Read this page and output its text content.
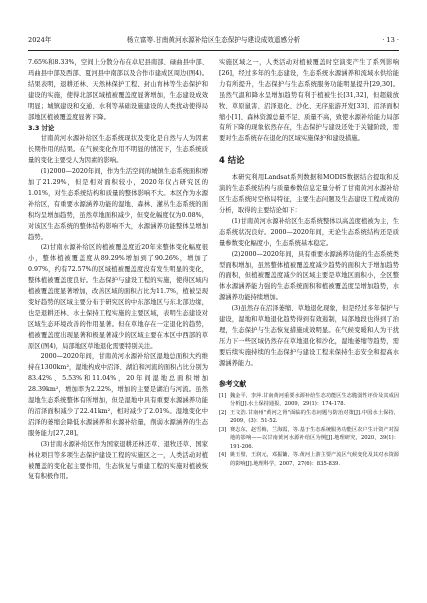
2024年	杨立富等.甘南黄河水源补给区生态保护与建设成效遥感分析	· 13 ·

7.65%和8.33%，空间上分散分布在卓尼县南部、碌曲县中部、玛曲县中部及西部、夏河县中南部以及合作市建成区周边(图4)。结果表明，退耕还林、天然林保护工程、封山育林等生态保护和建设的实施，使得北部区域植被覆盖度显著增加，生态建设成效明显；城镇建设和交通、水利等基础设施建设的人类扰动使得局部地区植被覆盖度显著下降。

3.3 讨论

甘南黄河水源补给区生态系统现状及变化是自然与人为因素长期作用的结果。在气候变化作用不明显的情况下，生态系统质量的变化主要受人为因素的影响。

(1)2000—2020年间，作为生活空间的城镇生态系统面积增加了21.29%，但是相对面积较小，2020年仅占研究区的1.01%，对生态系统结构和质量的整体影响不大。本区作为水源补给区，有重要水源涵养功能的湿地、森林、灌丛生态系统的面积均呈增加趋势，虽然草地面积减少，但变化幅度仅为0.08%，对该区生态系统的整体结构影响不大，水源涵养功能整体呈增加趋势。

(2)甘南水源补给区的植被覆盖度近20年来整体变化幅度很小，整体植被覆盖度从89.29%增加到了90.26%，增加了0.97%，约有72.57%的区域植被覆盖度没有发生明显的变化，整体植被覆盖度良好。生态保护与建设工程的实施，使得区域内植被覆盖度显著增加，改善区域的面积占比为11.7%，植被呈现变好趋势的区域主要分布于研究区的中东部地区与东北部边缘，也是退耕还林、水土保持工程实施的主要区域，表明生态建设对区域生态环境改善的作用显著。但在草地存在一定退化的趋势，植被覆盖度出现显著和极显著减少的区域主要在本区中西部的草原区(图4)，局部地区草地退化需要特别关注。

2000—2020年间，甘南黄河水源补给区湿地总面积大约维持在1300km²，湿地构成中沼泽、湖泊和河流的面积占比分别为83.42%、5.53%和11.04%，20年间湿地总面积增加28.39km²，增加率为2.22%，增加的主要是湖泊与河流。虽然湿地生态系统整体有所增加，但是湿地中具有重要水源涵养功能的沼泽面积减少了22.41km²，相对减少了2.01%。湿地变化中沼泽的萎缩会降低水源涵养和水源补给量，削弱水源涵养的生态服务能力[27,28]。

(3)甘南水源补给区作为国家退耕还林还草、退牧还草、国家林业项目等多项生态保护建设工程的实施区之一，人类活动对植被覆盖的变化起主要作用，生态恢复与重建工程的实施对植被恢复有积极作用。

实施区域之一，人类活动对植被覆盖时空演变产生了系列影响[26]，经过多年的生态建设，生态系统水源涵养和流域水供给能力有所提升，生态保护与生态系统服务功能明显提升[29,30]。虽然气温和降水呈增加趋势有利于植被生长[31,32]，但超载放牧、草原鼠害、沼泽退化、沙化、无序旅游开发[33]、沼泽面积缩小[1]、森林资源总量不足、质量不高，致使水源补给能力局部有所下降的现象依然存在，生态保护与建设还处于关键阶段，需要对生态系统存在退化的区域实施保护和建设措施。

4 结论

本研究利用Landsat系列数据和MODIS数据结合提取和反演的生态系统结构与质量参数信息定量分析了甘南黄河水源补给区生态系统时空格局特征，主要生态问题及生态建设工程成效的分析，取得的主要结论如下：

(1)甘南黄河水源补给区生态系统整体以高盖度植被为主，生态系统状况良好。2000—2020年间，无论生态系统结构还是质量参数变化幅度小，生态系统基本稳定。

(2)2000—2020年间，具有重要水源涵养功能的生态系统类型面积增加，虽然整体植被覆盖度减少趋势的面积大于增加趋势的面积，但植被覆盖度减少的区域主要是草地区面积小，全区整体水源涵养能力强的生态系统面积和植被覆盖度呈增加趋势，水源涵养功能持续增加。

(3)虽然存在沼泽萎缩、草地退化现象，但是经过多年保护与建设，湿地和草地退化趋势得到有效遏制，局部地段也得到了治理，生态保护与生态恢复措施成效明显。在气候变暖和人为干扰压力下一些区域仍然存在草地退化和沙化，湿地萎缩等趋势，需要后续实施持续的生态保护与建设工程来保持生态安全和提高水源涵养能力。

参考文献
[1] 魏金平，李萍.甘南黄河重要水源补给生态功能区生态脆弱性评价及其成因分析[J].水土保持通报，2009，29(1)：174-178.
[2] 王文浩.甘南州"黄河之肾"面临的生态问题与防治对策[J].中国水土保持，2009，(3)：51-52.
[3] 赛志东，赵雪梅，兰海霞，等.基于生态系统服务功能区农户生计资产对湿地的影响——以甘南黄河水源补给区为例[J].地理研究，2020，39(1)：191-206.
[4] 姚玉璧，王润元，邓振镛，等.黄河上游主要产流区气候变化及其对水资源的影响[J].地理科学，2007，27(6)：835-839.
